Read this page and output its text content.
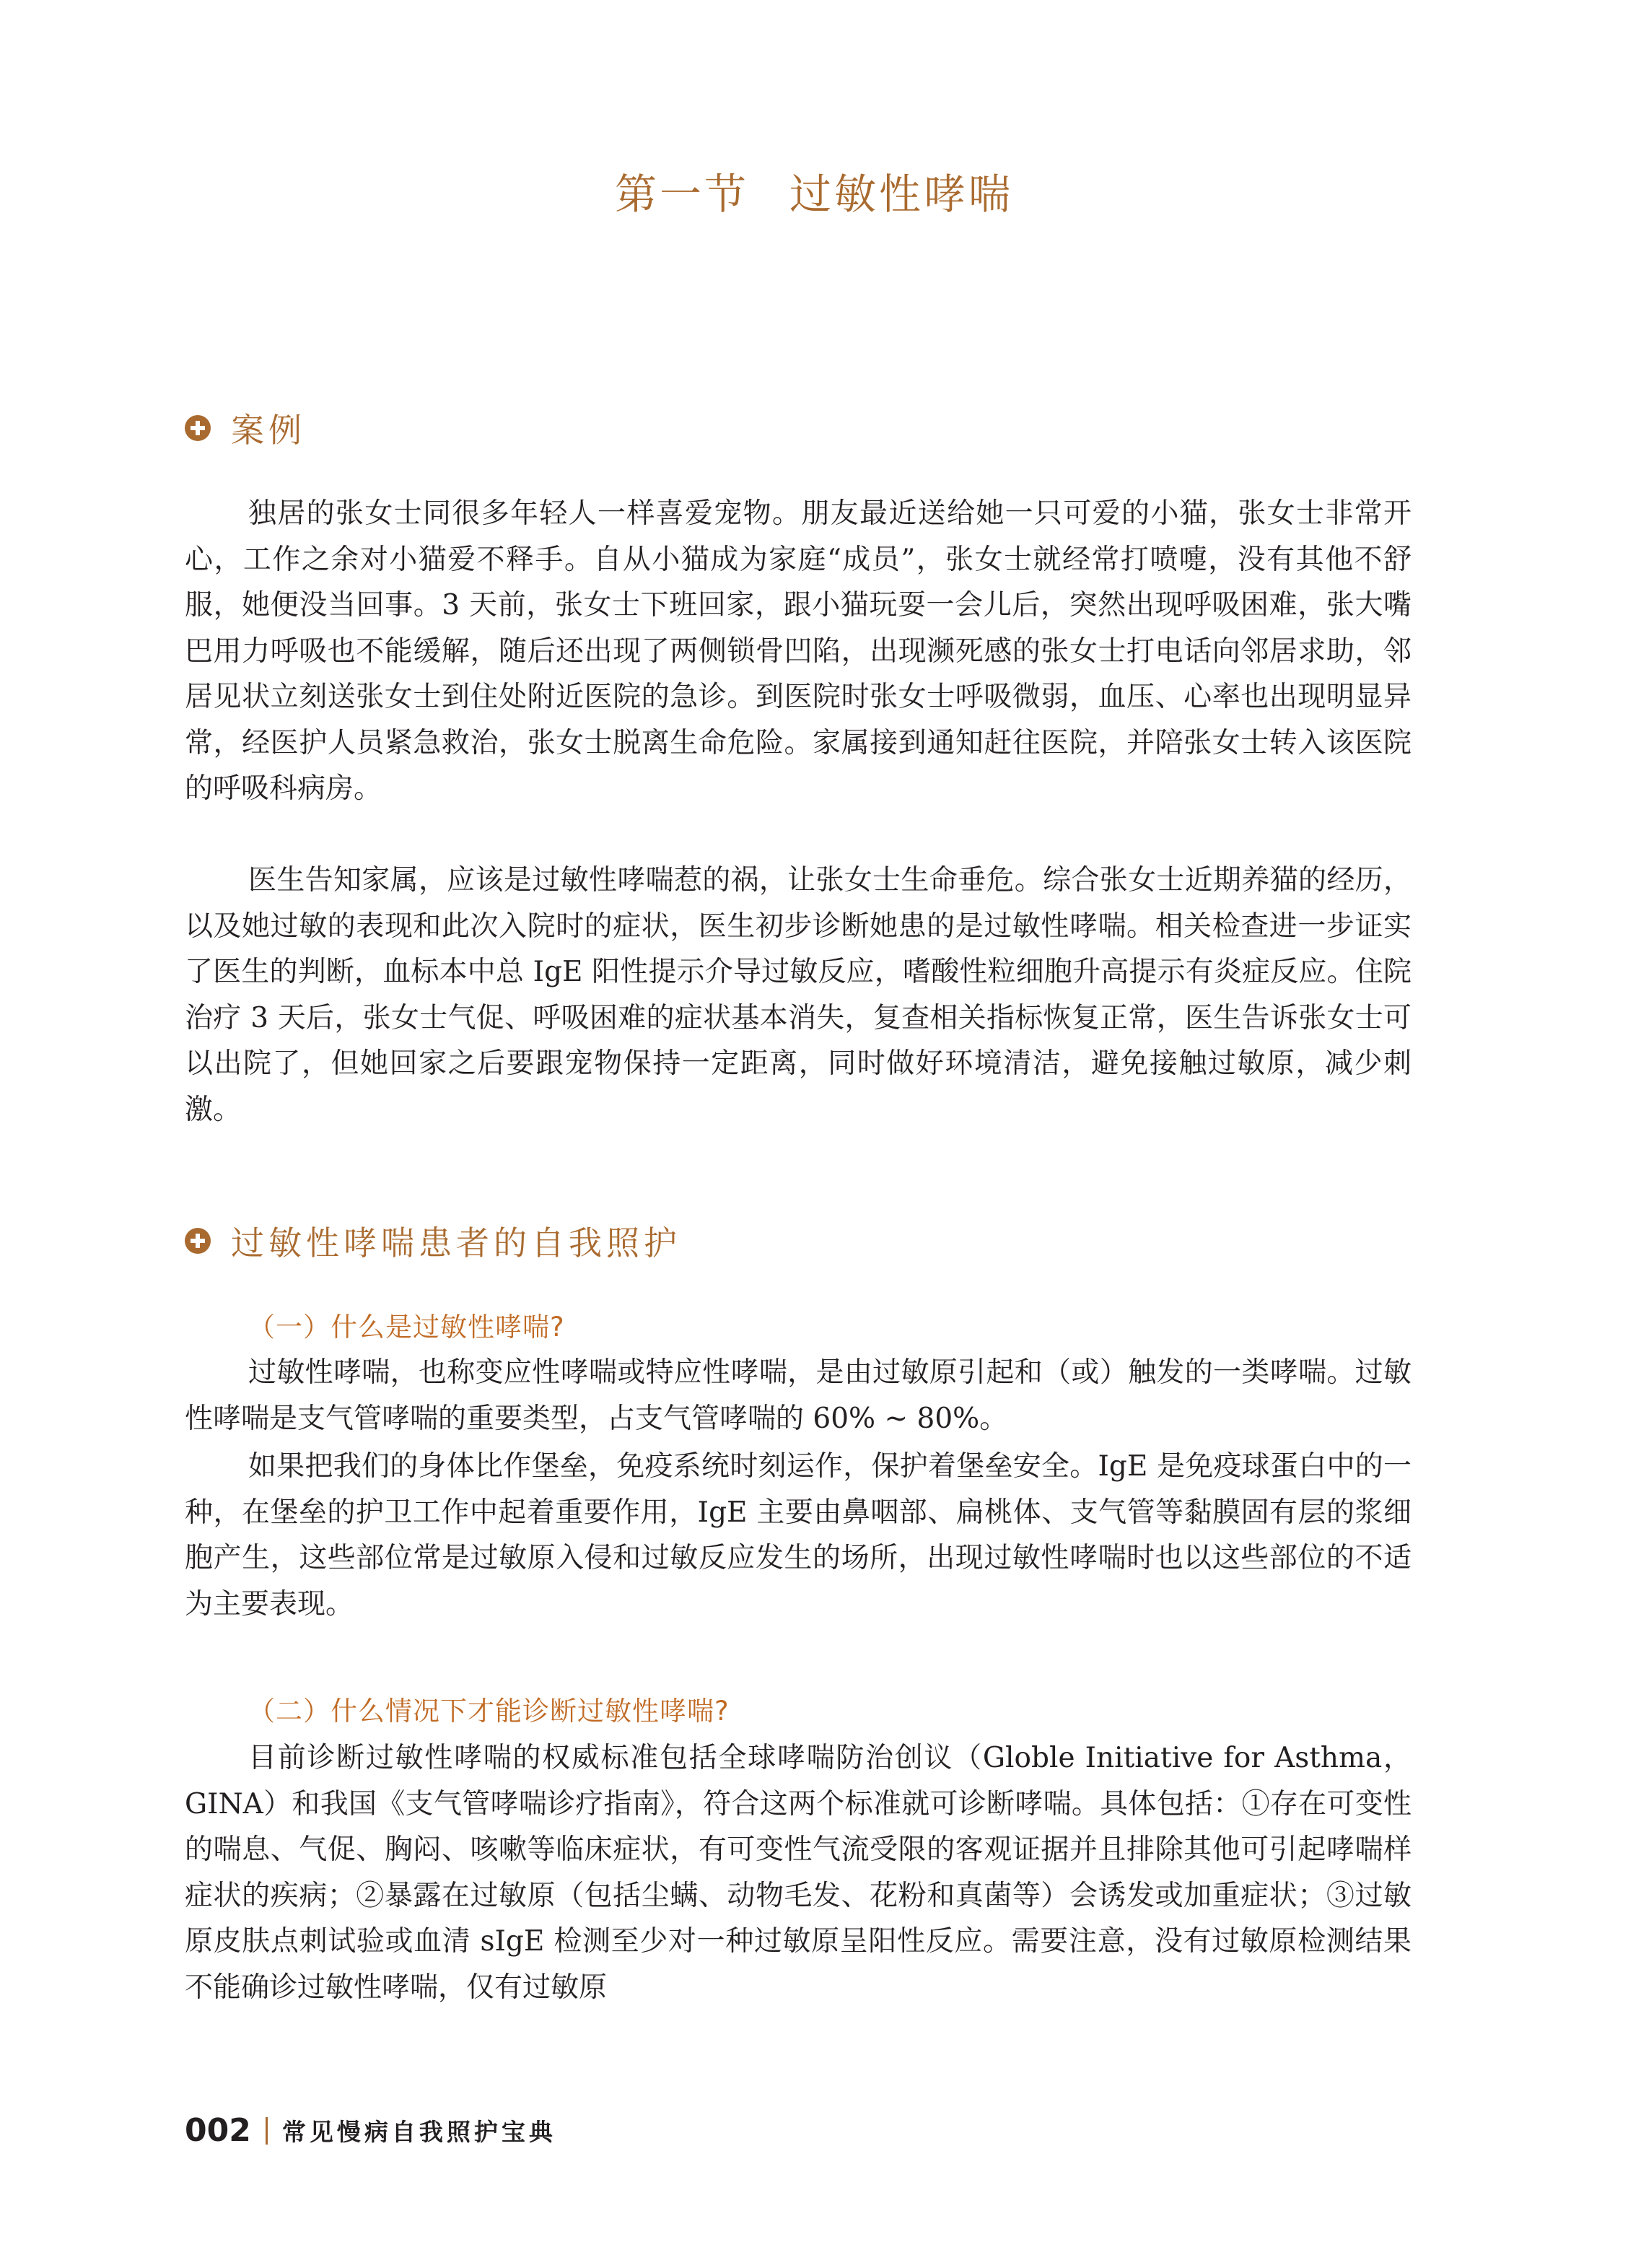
第一节 过敏性哮喘
案例

独居的张女士同很多年轻人一样喜爱宠物。朋友最近送给她一只可爱的小猫，张女士非常开心，工作之余对小猫爱不释手。自从小猫成为家庭“成员”，张女士就经常打喷嚏，没有其他不舒服，她便没当回事。3 天前，张女士下班回家，跟小猫玩耍一会儿后，突然出现呼吸困难，张大嘴巴用力呼吸也不能缓解，随后还出现了两侧锁骨凹陷，出现濒死感的张女士打电话向邻居求助，邻居见状立刻送张女士到住处附近医院的急诊。到医院时张女士呼吸微弱，血压、心率也出现明显异常，经医护人员紧急救治，张女士脱离生命危险。家属接到通知赶往医院，并陪张女士转入该医院的呼吸科病房。

医生告知家属，应该是过敏性哮喘惹的祸，让张女士生命垂危。综合张女士近期养猫的经历，以及她过敏的表现和此次入院时的症状，医生初步诊断她患的是过敏性哮喘。相关检查进一步证实了医生的判断，血标本中总 IgE 阳性提示介导过敏反应，嗜酸性粒细胞升高提示有炎症反应。住院治疗 3 天后，张女士气促、呼吸困难的症状基本消失，复查相关指标恢复正常，医生告诉张女士可以出院了，但她回家之后要跟宠物保持一定距离，同时做好环境清洁，避免接触过敏原，减少刺激。

过敏性哮喘患者的自我照护
（一）什么是过敏性哮喘?

过敏性哮喘，也称变应性哮喘或特应性哮喘，是由过敏原引起和（或）触发的一类哮喘。过敏性哮喘是支气管哮喘的重要类型，占支气管哮喘的 60% ~ 80%。

如果把我们的身体比作堡垒，免疫系统时刻运作，保护着堡垒安全。IgE 是免疫球蛋白中的一种，在堡垒的护卫工作中起着重要作用，IgE 主要由鼻咽部、扁桃体、支气管等黏膜固有层的浆细胞产生，这些部位常是过敏原入侵和过敏反应发生的场所，出现过敏性哮喘时也以这些部位的不适为主要表现。

（二）什么情况下才能诊断过敏性哮喘?

目前诊断过敏性哮喘的权威标准包括全球哮喘防治创议（Globle Initiative for Asthma，GINA）和我国《支气管哮喘诊疗指南》，符合这两个标准就可诊断哮喘。具体包括：①存在可变性的喘息、气促、胸闷、咳嗽等临床症状，有可变性气流受限的客观证据并且排除其他可引起哮喘样症状的疾病；②暴露在过敏原（包括尘螨、动物毛发、花粉和真菌等）会诱发或加重症状；③过敏原皮肤点刺试验或血清 sIgE 检测至少对一种过敏原呈阳性反应。需要注意，没有过敏原检测结果不能确诊过敏性哮喘，仅有过敏原

002 常见慢病自我照护宝典
